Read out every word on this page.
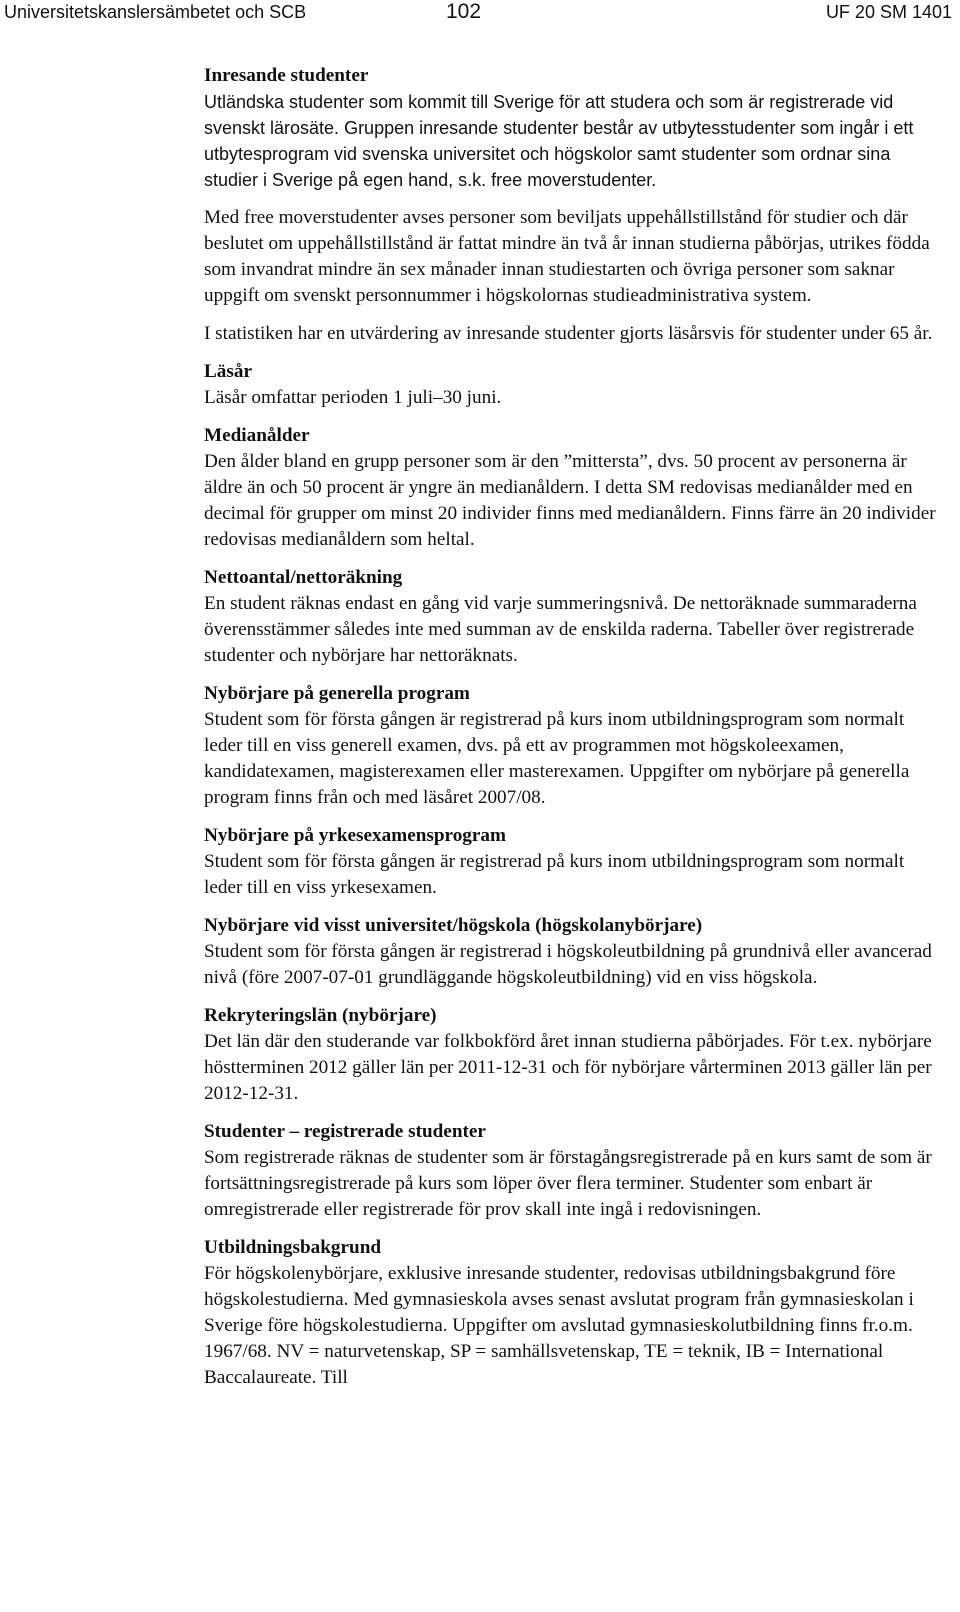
Universitetskanslersämbetet och SCB	102	UF 20 SM 1401

Inresande studenter

Utländska studenter som kommit till Sverige för att studera och som är registrerade vid svenskt lärosäte. Gruppen inresande studenter består av utbytesstudenter som ingår i ett utbytesprogram vid svenska universitet och högskolor samt studenter som ordnar sina studier i Sverige på egen hand, s.k. free moverstudenter.

Med free moverstudenter avses personer som beviljats uppehållstillstånd för studier och där beslutet om uppehållstillstånd är fattat mindre än två år innan studierna påbörjas, utrikes födda som invandrat mindre än sex månader innan studiestarten och övriga personer som saknar uppgift om svenskt personnummer i högskolornas studieadministrativa system.

I statistiken har en utvärdering av inresande studenter gjorts läsårsvis för studenter under 65 år.

Läsår

Läsår omfattar perioden 1 juli–30 juni.

Medianålder

Den ålder bland en grupp personer som är den ”mittersta”, dvs. 50 procent av personerna är äldre än och 50 procent är yngre än medianåldern. I detta SM redovisas medianålder med en decimal för grupper om minst 20 individer finns med medianåldern. Finns färre än 20 individer redovisas medianåldern som heltal.

Nettoantal/nettoräkning

En student räknas endast en gång vid varje summeringsnivå. De nettoräknade summaraderna överensstämmer således inte med summan av de enskilda raderna. Tabeller över registrerade studenter och nybörjare har nettoräknats.

Nybörjare på generella program

Student som för första gången är registrerad på kurs inom utbildningsprogram som normalt leder till en viss generell examen, dvs. på ett av programmen mot högskoleexamen, kandidatexamen, magisterexamen eller masterexamen. Uppgifter om nybörjare på generella program finns från och med läsåret 2007/08.

Nybörjare på yrkesexamensprogram

Student som för första gången är registrerad på kurs inom utbildningsprogram som normalt leder till en viss yrkesexamen.

Nybörjare vid visst universitet/högskola (högskolanybörjare)

Student som för första gången är registrerad i högskoleutbildning på grundnivå eller avancerad nivå (före 2007-07-01 grundläggande högskoleutbildning) vid en viss högskola.

Rekryteringslän (nybörjare)

Det län där den studerande var folkbokförd året innan studierna påbörjades. För t.ex. nybörjare höstterminen 2012 gäller län per 2011-12-31 och för nybörjare vårterminen 2013 gäller län per 2012-12-31.

Studenter – registrerade studenter

Som registrerade räknas de studenter som är förstagångsregistrerade på en kurs samt de som är fortsättningsregistrerade på kurs som löper över flera terminer. Studenter som enbart är omregistrerade eller registrerade för prov skall inte ingå i redovisningen.

Utbildningsbakgrund

För högskolenybörjare, exklusive inresande studenter, redovisas utbildningsbakgrund före högskolestudierna. Med gymnasieskola avses senast avslutat program från gymnasieskolan i Sverige före högskolestudierna. Uppgifter om avslutad gymnasieskolutbildning finns fr.o.m. 1967/68. NV = naturvetenskap, SP = samhällsvetenskap, TE = teknik, IB = International Baccalaureate. Till
